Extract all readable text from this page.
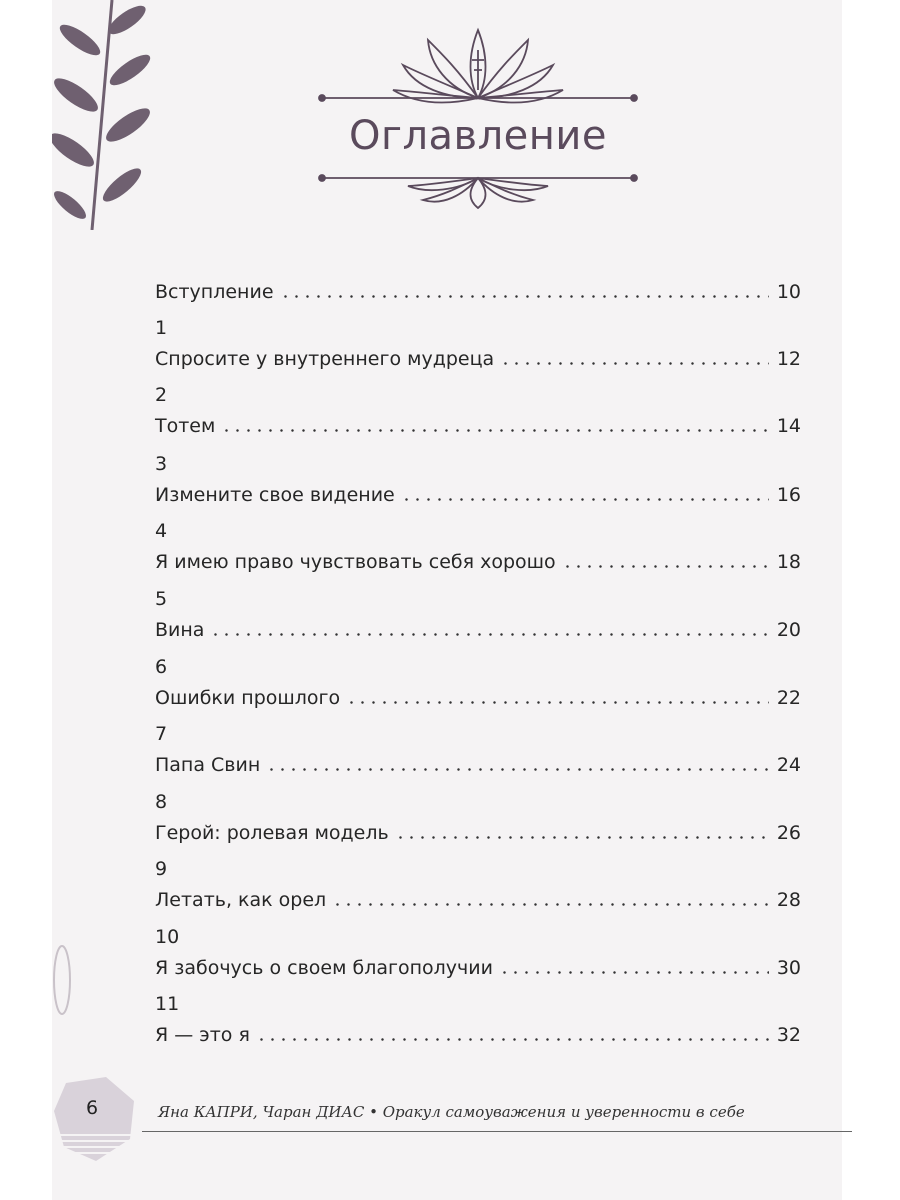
Оглавление
Вступление	10
1
Спросите у внутреннего мудреца	12
2
Тотем	14
3
Измените свое видение	16
4
Я имею право чувствовать себя хорошо	18
5
Вина	20
6
Ошибки прошлого	22
7
Папа Свин	24
8
Герой: ролевая модель	26
9
Летать, как орел	28
10
Я забочусь о своем благополучии	30
11
Я — это я	32
6	Яна КАПРИ, Чаран ДИАС • Оракул самоуважения и уверенности в себе
